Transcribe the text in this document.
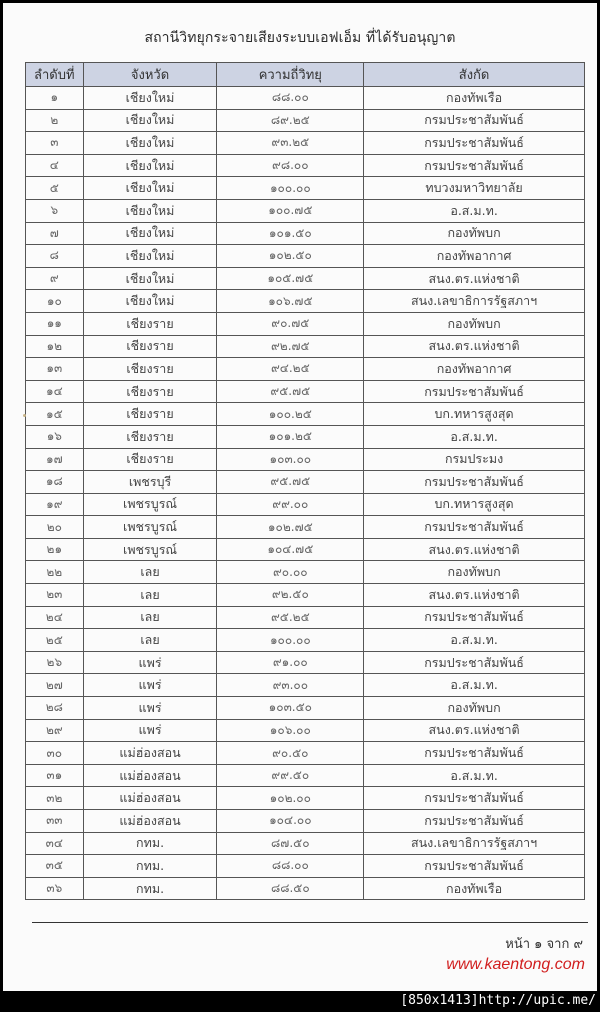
สถานีวิทยุกระจายเสียงระบบเอฟเอ็ม ที่ได้รับอนุญาต
ลำดับที่	จังหวัด	ความถี่วิทยุ	สังกัด
๑	เชียงใหม่	๘๘.๐๐	กองทัพเรือ
๒	เชียงใหม่	๘๙.๒๕	กรมประชาสัมพันธ์
๓	เชียงใหม่	๙๓.๒๕	กรมประชาสัมพันธ์
๔	เชียงใหม่	๙๘.๐๐	กรมประชาสัมพันธ์
๕	เชียงใหม่	๑๐๐.๐๐	ทบวงมหาวิทยาลัย
๖	เชียงใหม่	๑๐๐.๗๕	อ.ส.ม.ท.
๗	เชียงใหม่	๑๐๑.๕๐	กองทัพบก
๘	เชียงใหม่	๑๐๒.๕๐	กองทัพอากาศ
๙	เชียงใหม่	๑๐๕.๗๕	สนง.ตร.แห่งชาติ
๑๐	เชียงใหม่	๑๐๖.๗๕	สนง.เลขาธิการรัฐสภาฯ
๑๑	เชียงราย	๙๐.๗๕	กองทัพบก
๑๒	เชียงราย	๙๒.๗๕	สนง.ตร.แห่งชาติ
๑๓	เชียงราย	๙๔.๒๕	กองทัพอากาศ
๑๔	เชียงราย	๙๕.๗๕	กรมประชาสัมพันธ์
๑๕	เชียงราย	๑๐๐.๒๕	บก.ทหารสูงสุด
๑๖	เชียงราย	๑๐๑.๒๕	อ.ส.ม.ท.
๑๗	เชียงราย	๑๐๓.๐๐	กรมประมง
๑๘	เพชรบุรี	๙๕.๗๕	กรมประชาสัมพันธ์
๑๙	เพชรบูรณ์	๙๙.๐๐	บก.ทหารสูงสุด
๒๐	เพชรบูรณ์	๑๐๒.๗๕	กรมประชาสัมพันธ์
๒๑	เพชรบูรณ์	๑๐๔.๗๕	สนง.ตร.แห่งชาติ
๒๒	เลย	๙๐.๐๐	กองทัพบก
๒๓	เลย	๙๒.๕๐	สนง.ตร.แห่งชาติ
๒๔	เลย	๙๕.๒๕	กรมประชาสัมพันธ์
๒๕	เลย	๑๐๐.๐๐	อ.ส.ม.ท.
๒๖	แพร่	๙๑.๐๐	กรมประชาสัมพันธ์
๒๗	แพร่	๙๓.๐๐	อ.ส.ม.ท.
๒๘	แพร่	๑๐๓.๕๐	กองทัพบก
๒๙	แพร่	๑๐๖.๐๐	สนง.ตร.แห่งชาติ
๓๐	แม่ฮ่องสอน	๙๐.๕๐	กรมประชาสัมพันธ์
๓๑	แม่ฮ่องสอน	๙๙.๕๐	อ.ส.ม.ท.
๓๒	แม่ฮ่องสอน	๑๐๒.๐๐	กรมประชาสัมพันธ์
๓๓	แม่ฮ่องสอน	๑๐๔.๐๐	กรมประชาสัมพันธ์
๓๔	กทม.	๘๗.๕๐	สนง.เลขาธิการรัฐสภาฯ
๓๕	กทม.	๘๘.๐๐	กรมประชาสัมพันธ์
๓๖	กทม.	๘๘.๕๐	กองทัพเรือ
หน้า ๑ จาก ๙
www.kaentong.com
[850x1413]http://upic.me/
